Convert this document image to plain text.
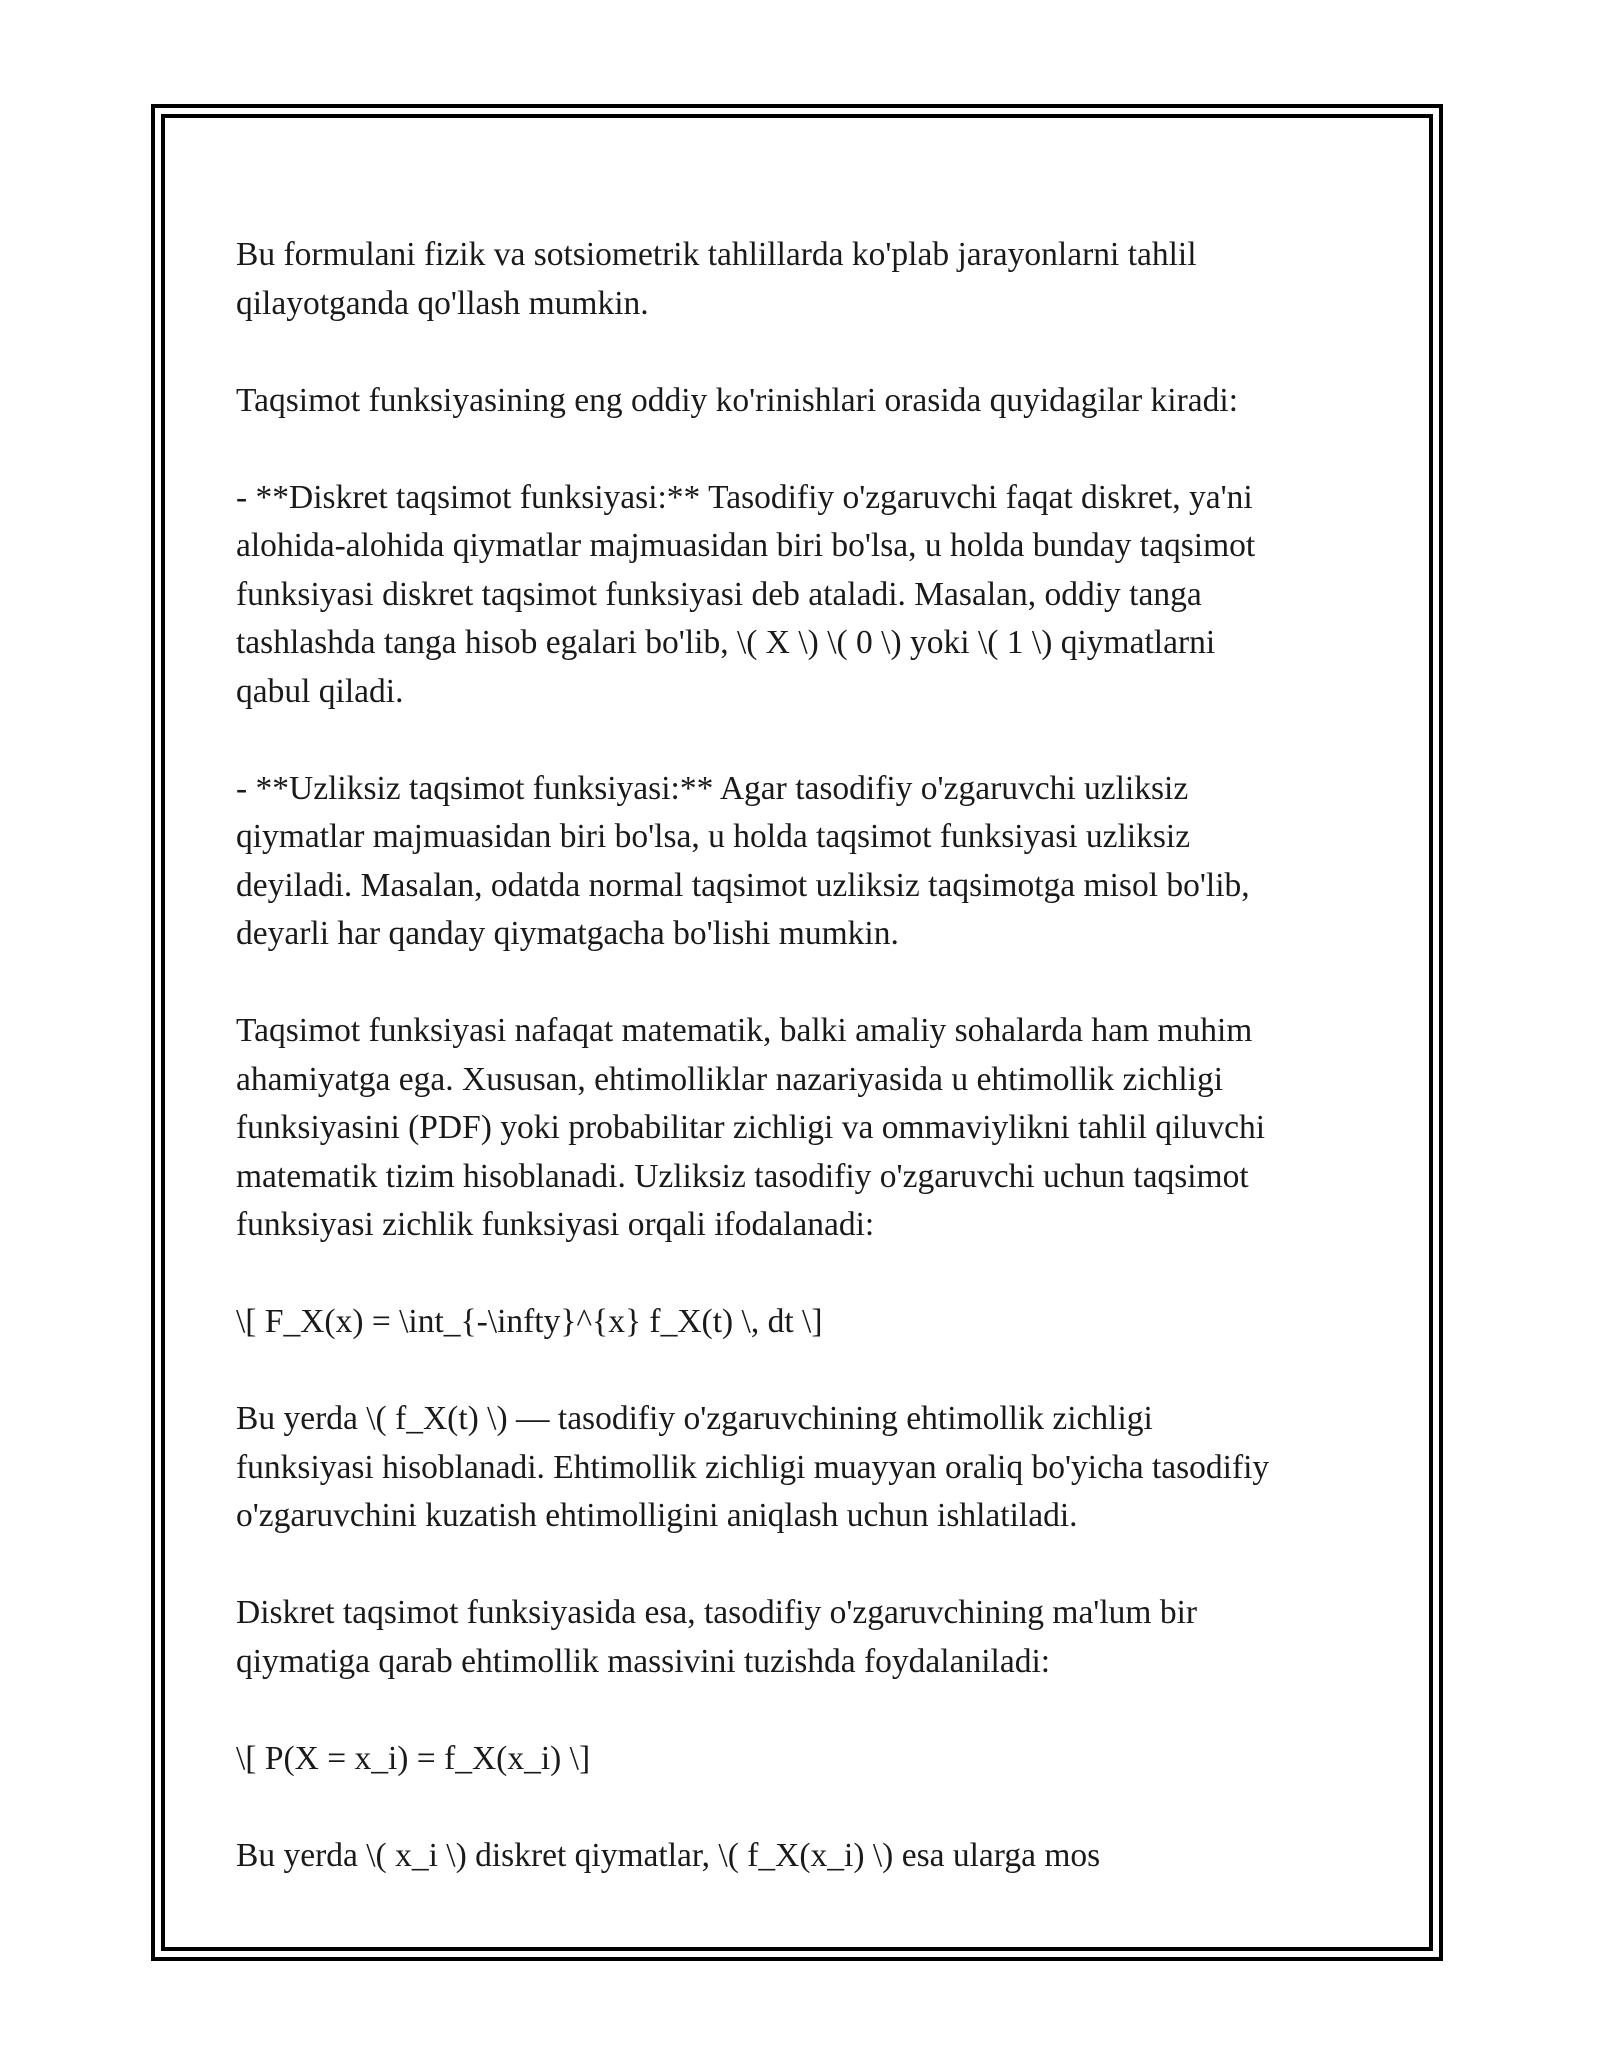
Bu formulani fizik va sotsiometrik tahlillarda ko'plab jarayonlarni tahlil
qilayotganda qo'llash mumkin.

Taqsimot funksiyasining eng oddiy ko'rinishlari orasida quyidagilar kiradi:

- **Diskret taqsimot funksiyasi:** Tasodifiy o'zgaruvchi faqat diskret, ya'ni
alohida-alohida qiymatlar majmuasidan biri bo'lsa, u holda bunday taqsimot
funksiyasi diskret taqsimot funksiyasi deb ataladi. Masalan, oddiy tanga
tashlashda tanga hisob egalari bo'lib, \( X \) \( 0 \) yoki \( 1 \) qiymatlarni
qabul qiladi.

- **Uzliksiz taqsimot funksiyasi:** Agar tasodifiy o'zgaruvchi uzliksiz
qiymatlar majmuasidan biri bo'lsa, u holda taqsimot funksiyasi uzliksiz
deyiladi. Masalan, odatda normal taqsimot uzliksiz taqsimotga misol bo'lib,
deyarli har qanday qiymatgacha bo'lishi mumkin.

Taqsimot funksiyasi nafaqat matematik, balki amaliy sohalarda ham muhim
ahamiyatga ega. Xususan, ehtimolliklar nazariyasida u ehtimollik zichligi
funksiyasini (PDF) yoki probabilitar zichligi va ommaviylikni tahlil qiluvchi
matematik tizim hisoblanadi. Uzliksiz tasodifiy o'zgaruvchi uchun taqsimot
funksiyasi zichlik funksiyasi orqali ifodalanadi:

\[ F_X(x) = \int_{-\infty}^{x} f_X(t) \, dt \]

Bu yerda \( f_X(t) \) — tasodifiy o'zgaruvchining ehtimollik zichligi
funksiyasi hisoblanadi. Ehtimollik zichligi muayyan oraliq bo'yicha tasodifiy
o'zgaruvchini kuzatish ehtimolligini aniqlash uchun ishlatiladi.

Diskret taqsimot funksiyasida esa, tasodifiy o'zgaruvchining ma'lum bir
qiymatiga qarab ehtimollik massivini tuzishda foydalaniladi:

\[ P(X = x_i) = f_X(x_i) \]

Bu yerda \( x_i \) diskret qiymatlar, \( f_X(x_i) \) esa ularga mos
